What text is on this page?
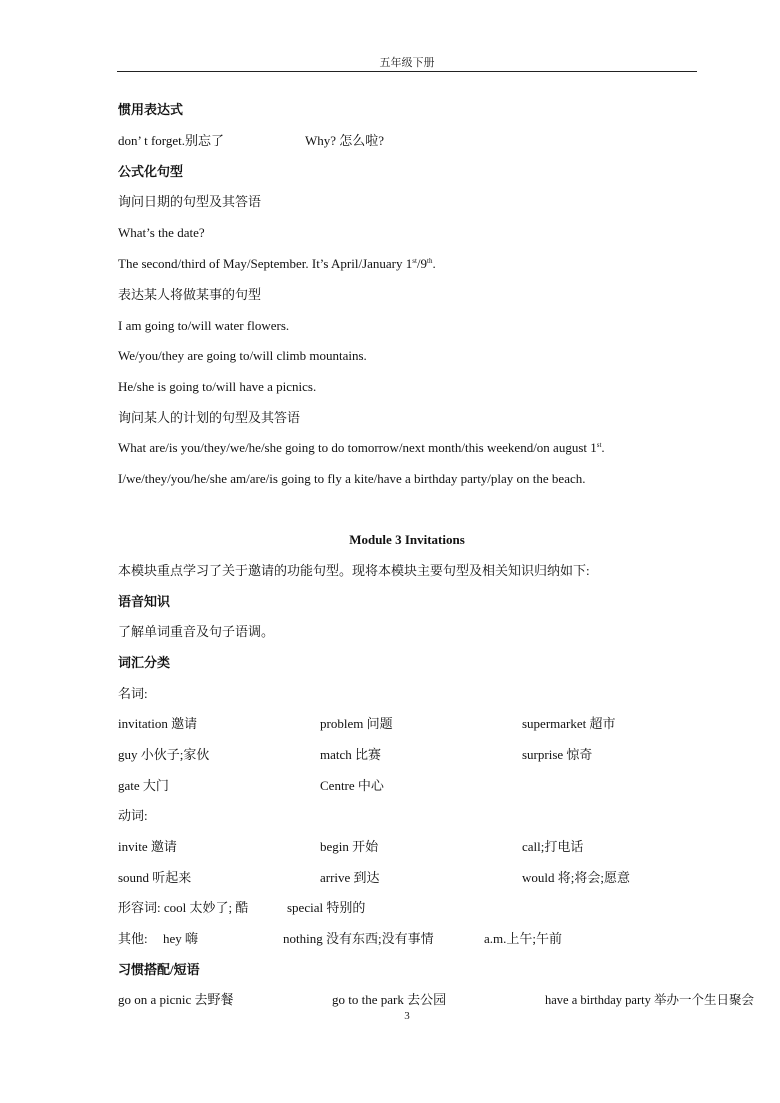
五年级下册
惯用表达式
don’ t forget.别忘了	Why? 怎么啦?
公式化句型
询问日期的句型及其答语
What’s the date?
The second/third of May/September. It’s April/January 1st/9th.
表达某人将做某事的句型
I am going to/will water flowers.
We/you/they are going to/will climb mountains.
He/she is going to/will have a picnics.
询问某人的计划的句型及其答语
What are/is you/they/we/he/she going to do tomorrow/next month/this weekend/on august 1st.
I/we/they/you/he/she am/are/is going to fly a kite/have a birthday party/play on the beach.
Module 3 Invitations
本模块重点学习了关于邀请的功能句型。现将本模块主要句型及相关知识归纳如下:
语音知识
了解单词重音及句子语调。
词汇分类
名词:
invitation 邀请	problem 问题	supermarket 超市
guy 小伙子;家伙	match 比赛	surprise 惊奇
gate 大门	Centre 中心
动词:
invite 邀请	begin 开始	call;打电话
sound 听起来	arrive 到达	would 将;将会;愿意
形容词: cool 太妙了; 酷	special 特别的
其他: hey 嗨	nothing 没有东西;没有事情	a.m.上午;午前
习惯搭配/短语
go on a picnic 去野餐	go to the park 去公园	have a birthday party 举办一个生日聚会
3
